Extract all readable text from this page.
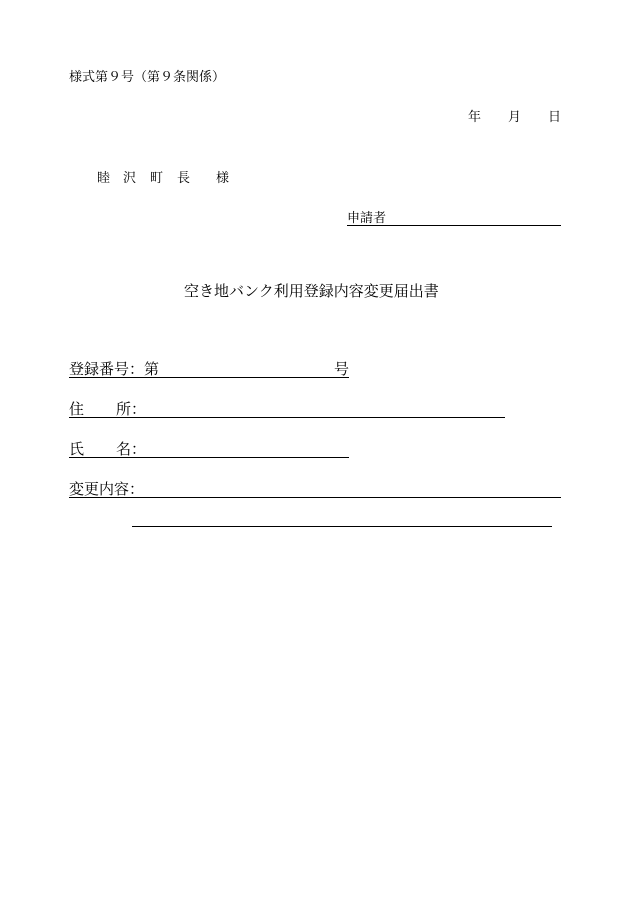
様式第９号（第９条関係）
年 月 日
睦 沢 町 長 様
申請者
空き地バンク利用登録内容変更届出書
登録番号：第	号
住 所：
氏 名：
変更内容：
